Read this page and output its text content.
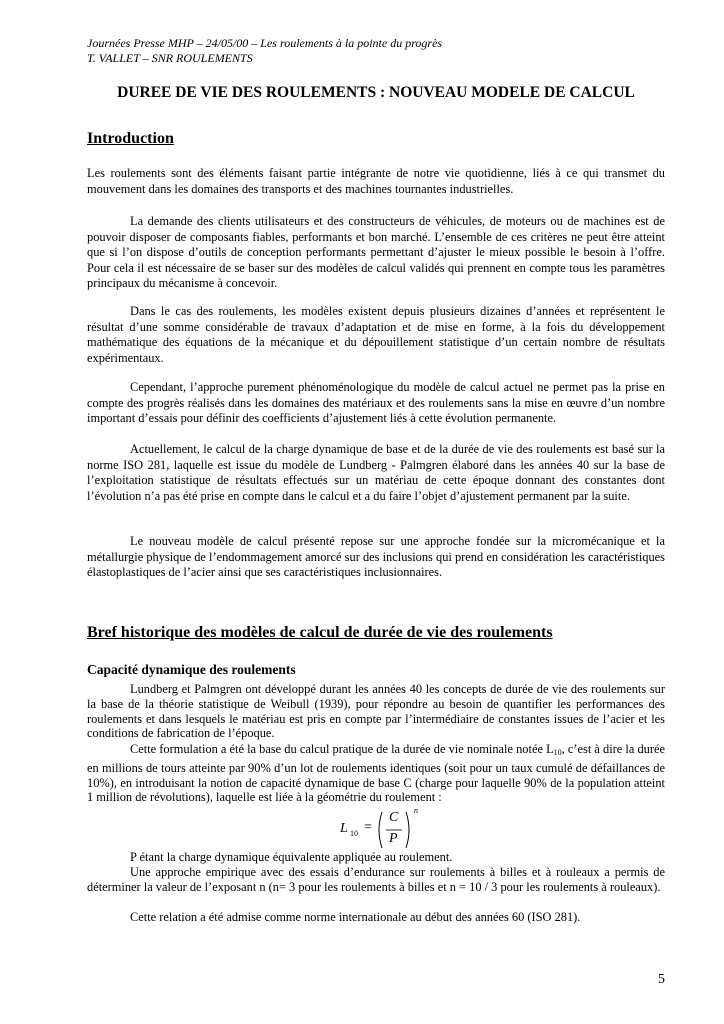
Journées Presse MHP – 24/05/00 – Les roulements à la pointe du progrès
T. VALLET – SNR ROULEMENTS
DUREE DE VIE DES ROULEMENTS : NOUVEAU MODELE DE CALCUL
Introduction

Les roulements sont des éléments faisant partie intégrante de notre vie quotidienne, liés à ce qui transmet du mouvement dans les domaines des transports et des machines tournantes industrielles.

La demande des clients utilisateurs et des constructeurs de véhicules, de moteurs ou de machines est de pouvoir disposer de composants fiables, performants et bon marché. L’ensemble de ces critères ne peut être atteint que si l’on dispose d’outils de conception performants permettant d’ajuster le mieux possible le besoin à l’offre. Pour cela il est nécessaire de se baser sur des modèles de calcul validés qui prennent en compte tous les paramètres principaux du mécanisme à concevoir.

Dans le cas des roulements, les modèles existent depuis plusieurs dizaines d’années et représentent le résultat d’une somme considérable de travaux d’adaptation et de mise en forme, à la fois du développement mathématique des équations de la mécanique et du dépouillement statistique d’un certain nombre de résultats expérimentaux.

Cependant, l’approche purement phénoménologique du modèle de calcul actuel ne permet pas la prise en compte des progrès réalisés dans les domaines des matériaux et des roulements sans la mise en œuvre d’un nombre important d’essais pour définir des coefficients d’ajustement liés à cette évolution permanente.

Actuellement, le calcul de la charge dynamique de base et de la durée de vie des roulements est basé sur la norme ISO 281, laquelle est issue du modèle de Lundberg - Palmgren élaboré dans les années 40 sur la base de l’exploitation statistique de résultats effectués sur un matériau de cette époque donnant des constantes dont l’évolution n’a pas été prise en compte dans le calcul et a du faire l’objet d’ajustement permanent par la suite.

Le nouveau modèle de calcul présenté repose sur une approche fondée sur la micromécanique et la métallurgie physique de l’endommagement amorcé sur des inclusions qui prend en considération les caractéristiques élastoplastiques de l’acier ainsi que ses caractéristiques inclusionnaires.

Bref historique des modèles de calcul de durée de vie des roulements
Capacité dynamique des roulements

Lundberg et Palmgren ont développé durant les années 40 les concepts de durée de vie des roulements sur la base de la théorie statistique de Weibull (1939), pour répondre au besoin de quantifier les performances des roulements et dans lesquels le matériau est pris en compte par l’intermédiaire de constantes issues de l’acier et les conditions de fabrication de l’époque.

Cette formulation a été la base du calcul pratique de la durée de vie nominale notée $L_{10}$, c’est à dire la durée en millions de tours atteinte par 90% d’un lot de roulements identiques (soit pour un taux cumulé de défaillances de 10%), en introduisant la notion de capacité dynamique de base C (charge pour laquelle 90% de la population atteint 1 million de révolutions), laquelle est liée à la géométrie du roulement :

L 10 =
C
P
n

P étant la charge dynamique équivalente appliquée au roulement.

Une approche empirique avec des essais d’endurance sur roulements à billes et à rouleaux a permis de déterminer la valeur de l’exposant n (n= 3 pour les roulements à billes et n = 10 / 3 pour les roulements à rouleaux).

Cette relation a été admise comme norme internationale au début des années 60 (ISO 281).

5
